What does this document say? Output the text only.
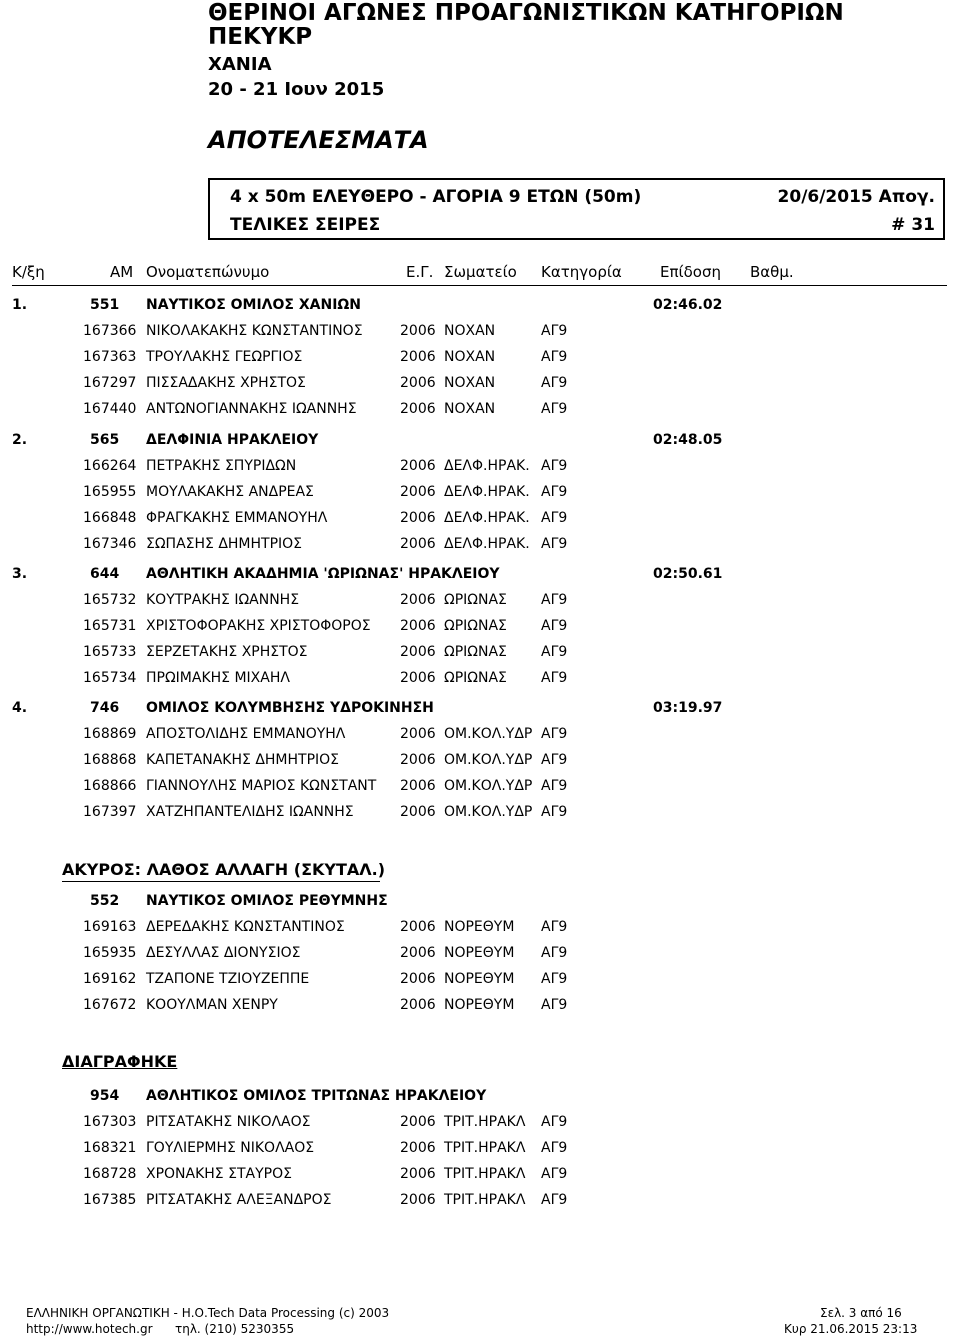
ΘΕΡΙΝΟΙ ΑΓΩΝΕΣ ΠΡΟΑΓΩΝΙΣΤΙΚΩΝ ΚΑΤΗΓΟΡΙΩΝ
ΠΕΚΥΚΡ
ΧΑΝΙΑ
20 - 21 Ιουν 2015
ΑΠΟΤΕΛΕΣΜΑΤΑ
4 x 50m ΕΛΕΥΘΕΡΟ - ΑΓΟΡΙΑ 9 ΕΤΩΝ (50m)	20/6/2015 Απογ.
ΤΕΛΙΚΕΣ ΣΕΙΡΕΣ	# 31
Κ/ξη	AM Ονοματεπώνυμο	Ε.Γ. Σωματείο Κατηγορία	Επίδοση Βαθμ.
1.	551 ΝΑΥΤΙΚΟΣ ΟΜΙΛΟΣ ΧΑΝΙΩΝ	02:46.02
167366 ΝΙΚΟΛΑΚΑΚΗΣ ΚΩΝΣΤΑΝΤΙΝΟΣ	2006 ΝΟΧΑΝ	ΑΓ9
167363 ΤΡΟΥΛΑΚΗΣ ΓΕΩΡΓΙΟΣ	2006 ΝΟΧΑΝ	ΑΓ9
167297 ΠΙΣΣΑΔΑΚΗΣ ΧΡΗΣΤΟΣ	2006 ΝΟΧΑΝ	ΑΓ9
167440 ΑΝΤΩΝΟΓΙΑΝΝΑΚΗΣ ΙΩΑΝΝΗΣ	2006 ΝΟΧΑΝ	ΑΓ9
2.	565 ΔΕΛΦΙΝΙΑ ΗΡΑΚΛΕΙΟΥ	02:48.05
166264 ΠΕΤΡΑΚΗΣ ΣΠΥΡΙΔΩΝ	2006 ΔΕΛΦ.ΗΡΑΚ. ΑΓ9
165955 ΜΟΥΛΑΚΑΚΗΣ ΑΝΔΡΕΑΣ	2006 ΔΕΛΦ.ΗΡΑΚ. ΑΓ9
166848 ΦΡΑΓΚΑΚΗΣ ΕΜΜΑΝΟΥΗΛ	2006 ΔΕΛΦ.ΗΡΑΚ. ΑΓ9
167346 ΣΩΠΑΣΗΣ ΔΗΜΗΤΡΙΟΣ	2006 ΔΕΛΦ.ΗΡΑΚ. ΑΓ9
3.	644 ΑΘΛΗΤΙΚΗ ΑΚΑΔΗΜΙΑ 'ΩΡΙΩΝΑΣ' ΗΡΑΚΛΕΙΟΥ	02:50.61
165732 ΚΟΥΤΡΑΚΗΣ ΙΩΑΝΝΗΣ	2006 ΩΡΙΩΝΑΣ ΑΓ9
165731 ΧΡΙΣΤΟΦΟΡΑΚΗΣ ΧΡΙΣΤΟΦΟΡΟΣ 2006 ΩΡΙΩΝΑΣ ΑΓ9
165733 ΣΕΡΖΕΤΑΚΗΣ ΧΡΗΣΤΟΣ	2006 ΩΡΙΩΝΑΣ ΑΓ9
165734 ΠΡΩΙΜΑΚΗΣ ΜΙΧΑΗΛ	2006 ΩΡΙΩΝΑΣ ΑΓ9
4.	746 ΟΜΙΛΟΣ ΚΟΛΥΜΒΗΣΗΣ ΥΔΡΟΚΙΝΗΣΗ	03:19.97
168869 ΑΠΟΣΤΟΛΙΔΗΣ ΕΜΜΑΝΟΥΗΛ	2006 ΟΜ.ΚΟΛ.ΥΔΡ ΑΓ9
168868 ΚΑΠΕΤΑΝΑΚΗΣ ΔΗΜΗΤΡΙΟΣ	2006 ΟΜ.ΚΟΛ.ΥΔΡ ΑΓ9
168866 ΓΙΑΝΝΟΥΛΗΣ ΜΑΡΙΟΣ ΚΩΝΣΤΑΝΤ 2006 ΟΜ.ΚΟΛ.ΥΔΡ ΑΓ9
167397 ΧΑΤΖΗΠΑΝΤΕΛΙΔΗΣ ΙΩΑΝΝΗΣ	2006 ΟΜ.ΚΟΛ.ΥΔΡ ΑΓ9
ΑΚΥΡΟΣ: ΛΑΘΟΣ ΑΛΛΑΓΗ (ΣΚΥΤΑΛ.)
552 ΝΑΥΤΙΚΟΣ ΟΜΙΛΟΣ ΡΕΘΥΜΝΗΣ
169163 ΔΕΡΕΔΑΚΗΣ ΚΩΝΣΤΑΝΤΙΝΟΣ	2006 ΝΟΡΕΘΥΜ ΑΓ9
165935 ΔΕΣΥΛΛΑΣ ΔΙΟΝΥΣΙΟΣ	2006 ΝΟΡΕΘΥΜ ΑΓ9
169162 ΤΖΑΠΟΝΕ ΤΖΙΟΥΖΕΠΠΕ	2006 ΝΟΡΕΘΥΜ ΑΓ9
167672 ΚΟΟΥΛΜΑΝ ΧΕΝΡΥ	2006 ΝΟΡΕΘΥΜ ΑΓ9
ΔΙΑΓΡΑΦΗΚΕ
954 ΑΘΛΗΤΙΚΟΣ ΟΜΙΛΟΣ ΤΡΙΤΩΝΑΣ ΗΡΑΚΛΕΙΟΥ
167303 ΡΙΤΣΑΤΑΚΗΣ ΝΙΚΟΛΑΟΣ	2006 ΤΡΙΤ.ΗΡΑΚΛ ΑΓ9
168321 ΓΟΥΛΙΕΡΜΗΣ ΝΙΚΟΛΑΟΣ	2006 ΤΡΙΤ.ΗΡΑΚΛ ΑΓ9
168728 ΧΡΟΝΑΚΗΣ ΣΤΑΥΡΟΣ	2006 ΤΡΙΤ.ΗΡΑΚΛ ΑΓ9
167385 ΡΙΤΣΑΤΑΚΗΣ ΑΛΕΞΑΝΔΡΟΣ	2006 ΤΡΙΤ.ΗΡΑΚΛ ΑΓ9
ΕΛΛΗΝΙΚΗ ΟΡΓΑΝΩΤΙΚΗ - Η.Ο.Tech Data Processing (c) 2003
http://www.hotech.gr τηλ. (210) 5230355
Σελ. 3 από 16
Κυρ 21.06.2015 23:13
